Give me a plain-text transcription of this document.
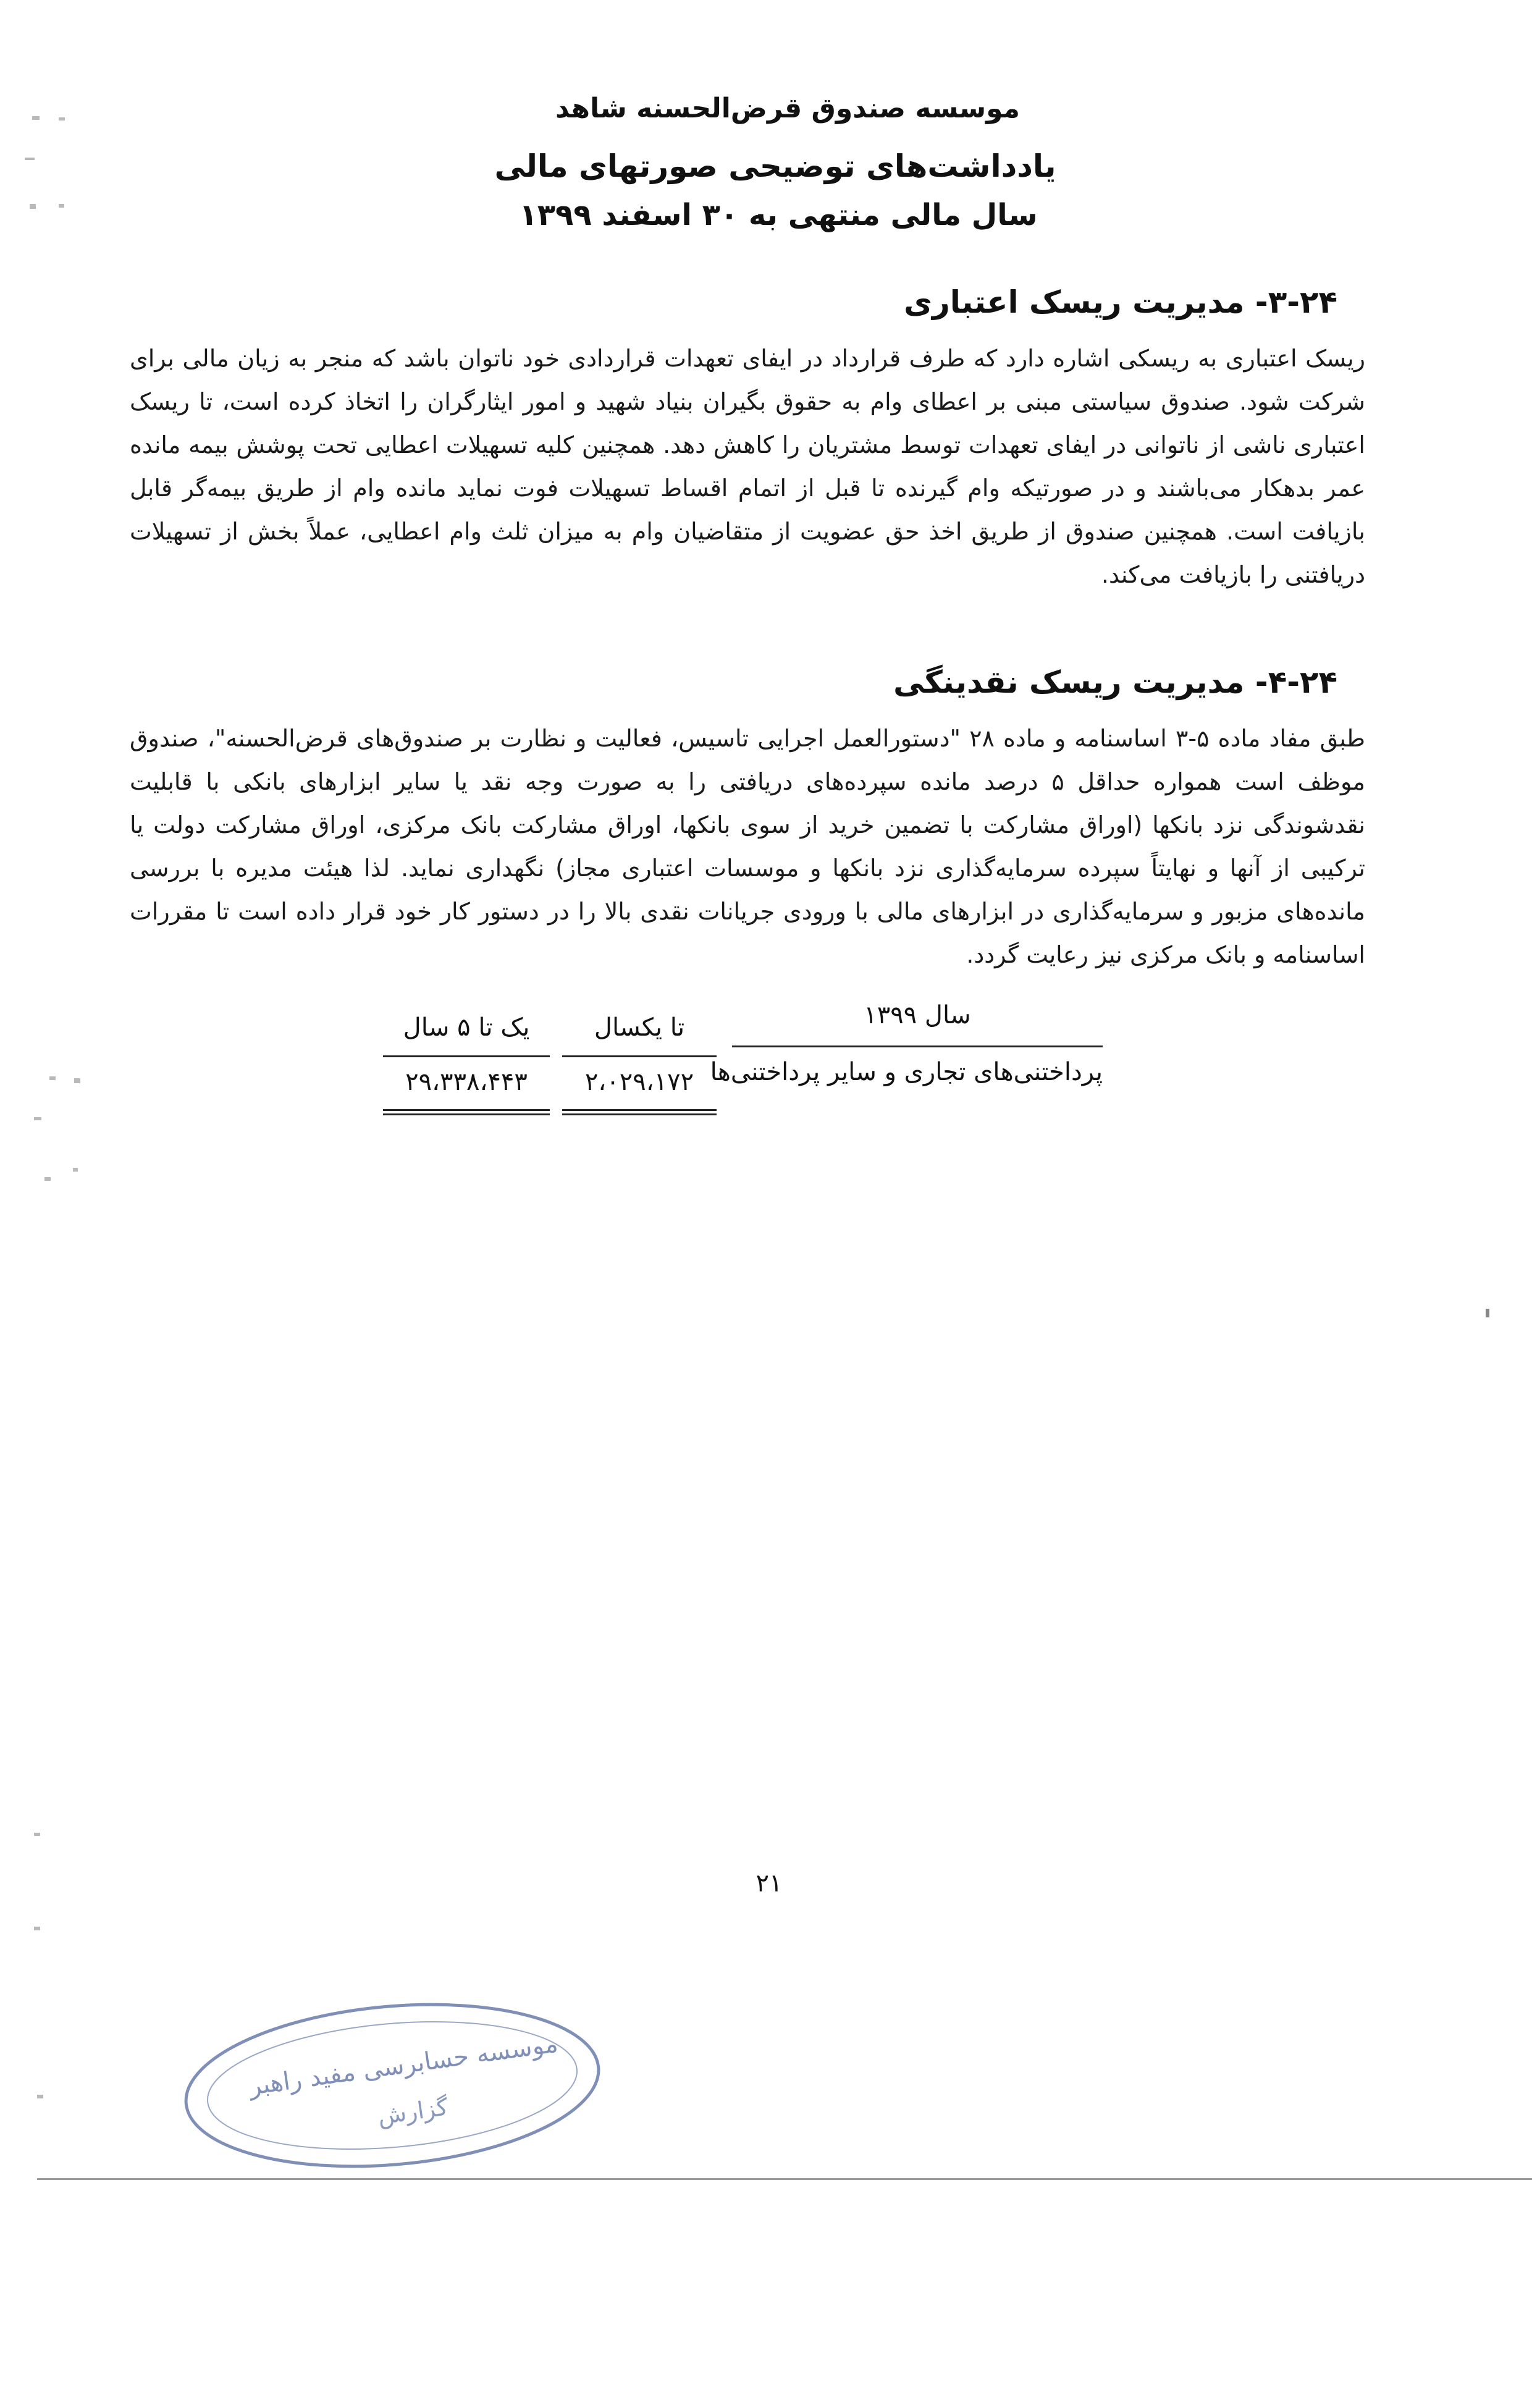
موسسه صندوق قرض‌الحسنه شاهد
یادداشت‌های توضیحی صورتهای مالی
سال مالی منتهی به ۳۰ اسفند ۱۳۹۹
۳-۲۴- مدیریت ریسک اعتباری
ریسک اعتباری به ریسکی اشاره دارد که طرف قرارداد در ایفای تعهدات قراردادی خود ناتوان باشد که منجر به زیان مالی برای شرکت شود. صندوق سیاستی مبنی بر اعطای وام به حقوق بگیران بنیاد شهید و امور ایثارگران را اتخاذ کرده است، تا ریسک اعتباری ناشی از ناتوانی در ایفای تعهدات توسط مشتریان را کاهش دهد. همچنین کلیه تسهیلات اعطایی تحت پوشش بیمه مانده عمر بدهکار می‌باشند و در صورتیکه وام گیرنده تا قبل از اتمام اقساط تسهیلات فوت نماید مانده وام از طریق بیمه‌گر قابل بازیافت است. همچنین صندوق از طریق اخذ حق عضویت از متقاضیان وام به میزان ثلث وام اعطایی، عملاً بخش از تسهیلات دریافتنی را بازیافت می‌کند.
۴-۲۴- مدیریت ریسک نقدینگی
طبق مفاد ماده ۵-۳ اساسنامه و ماده ۲۸ "دستورالعمل اجرایی تاسیس، فعالیت و نظارت بر صندوق‌های قرض‌الحسنه"، صندوق موظف است همواره حداقل ۵ درصد مانده سپرده‌های دریافتی را به صورت وجه نقد یا سایر ابزارهای بانکی با قابلیت نقدشوندگی نزد بانکها (اوراق مشارکت با تضمین خرید از سوی بانکها، اوراق مشارکت بانک مرکزی، اوراق مشارکت دولت یا ترکیبی از آنها و نهایتاً سپرده سرمایه‌گذاری نزد بانکها و موسسات اعتباری مجاز) نگهداری نماید. لذا هیئت مدیره با بررسی مانده‌های مزبور و سرمایه‌گذاری در ابزارهای مالی با ورودی جریانات نقدی بالا را در دستور کار خود قرار داده است تا مقررات اساسنامه و بانک مرکزی نیز رعایت گردد.
سال ۱۳۹۹
تا یکسال
یک تا ۵ سال
پرداختنی‌های تجاری و سایر پرداختنی‌ها
۲،۰۲۹،۱۷۲
۲۹،۳۳۸،۴۴۳
۲۱
موسسه حسابرسی مفید راهبر
گزارش
